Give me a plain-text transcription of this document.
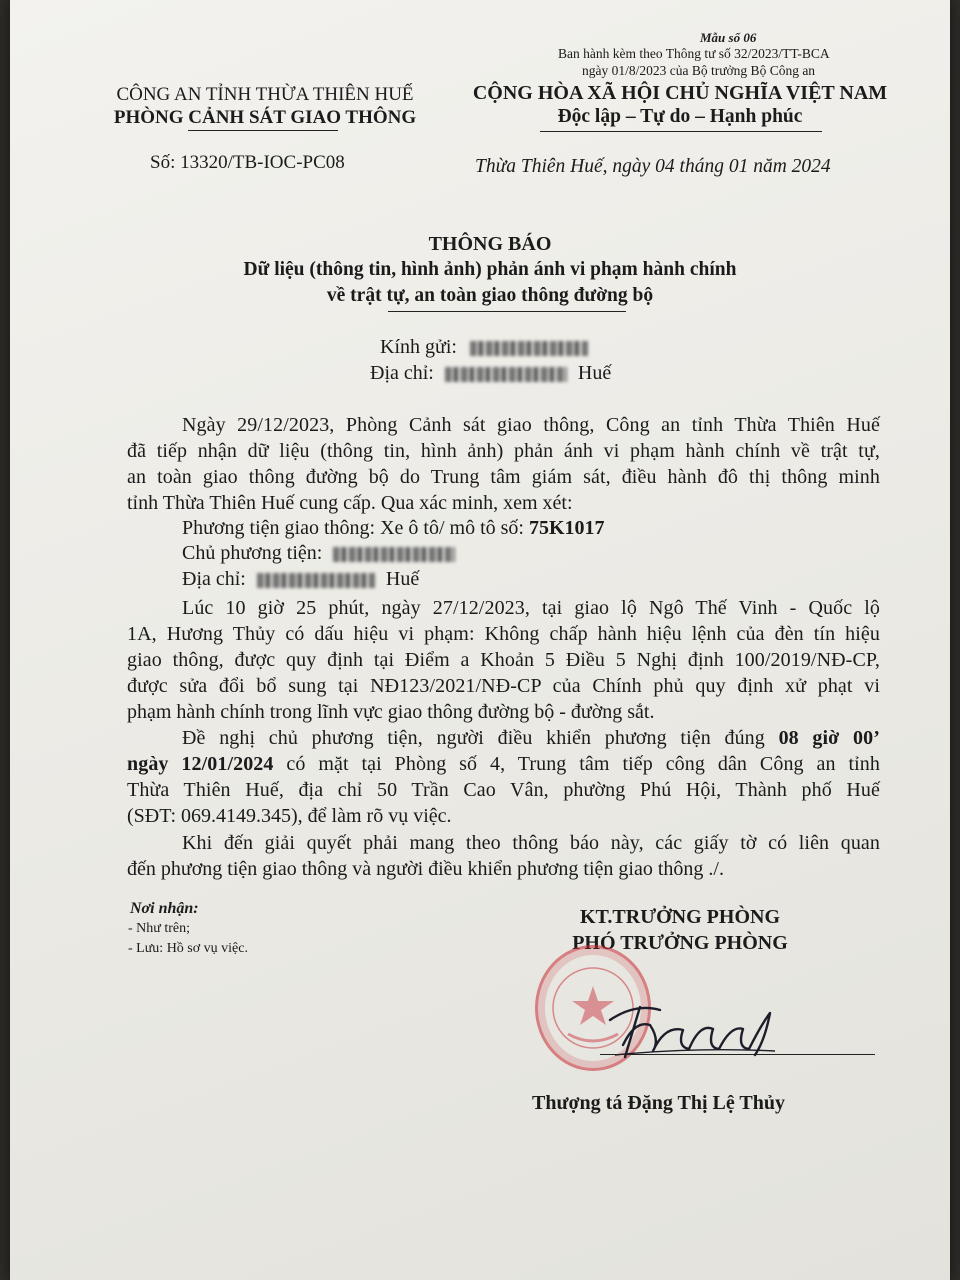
Mẫu số 06
Ban hành kèm theo Thông tư số 32/2023/TT-BCA
ngày 01/8/2023 của Bộ trưởng Bộ Công an
CÔNG AN TỈNH THỪA THIÊN HUẾ
PHÒNG CẢNH SÁT GIAO THÔNG
Số: 13320/TB-IOC-PC08
CỘNG HÒA XÃ HỘI CHỦ NGHĨA VIỆT NAM
Độc lập – Tự do – Hạnh phúc
Thừa Thiên Huế, ngày 04 tháng 01 năm 2024
THÔNG BÁO
Dữ liệu (thông tin, hình ảnh) phản ánh vi phạm hành chính
về trật tự, an toàn giao thông đường bộ
Kính gửi:
Địa chỉ:	Huế
Ngày 29/12/2023, Phòng Cảnh sát giao thông, Công an tỉnh Thừa Thiên Huế
đã tiếp nhận dữ liệu (thông tin, hình ảnh) phản ánh vi phạm hành chính về trật tự,
an toàn giao thông đường bộ do Trung tâm giám sát, điều hành đô thị thông minh
tỉnh Thừa Thiên Huế cung cấp. Qua xác minh, xem xét:
Phương tiện giao thông: Xe ô tô/ mô tô số: 75K1017
Chủ phương tiện:
Địa chỉ:	Huế
Lúc 10 giờ 25 phút, ngày 27/12/2023, tại giao lộ Ngô Thế Vinh - Quốc lộ
1A, Hương Thủy có dấu hiệu vi phạm: Không chấp hành hiệu lệnh của đèn tín hiệu
giao thông, được quy định tại Điểm a Khoản 5 Điều 5 Nghị định 100/2019/NĐ-CP,
được sửa đổi bổ sung tại NĐ123/2021/NĐ-CP của Chính phủ quy định xử phạt vi
phạm hành chính trong lĩnh vực giao thông đường bộ - đường sắt.
Đề nghị chủ phương tiện, người điều khiển phương tiện đúng 08 giờ 00’
ngày 12/01/2024 có mặt tại Phòng số 4, Trung tâm tiếp công dân Công an tỉnh
Thừa Thiên Huế, địa chỉ 50 Trần Cao Vân, phường Phú Hội, Thành phố Huế
(SĐT: 069.4149.345), để làm rõ vụ việc.
Khi đến giải quyết phải mang theo thông báo này, các giấy tờ có liên quan
đến phương tiện giao thông và người điều khiển phương tiện giao thông ./.
Nơi nhận:
- Như trên;
- Lưu: Hồ sơ vụ việc.
KT.TRƯỞNG PHÒNG
PHÓ TRƯỞNG PHÒNG
Thượng tá Đặng Thị Lệ Thủy
